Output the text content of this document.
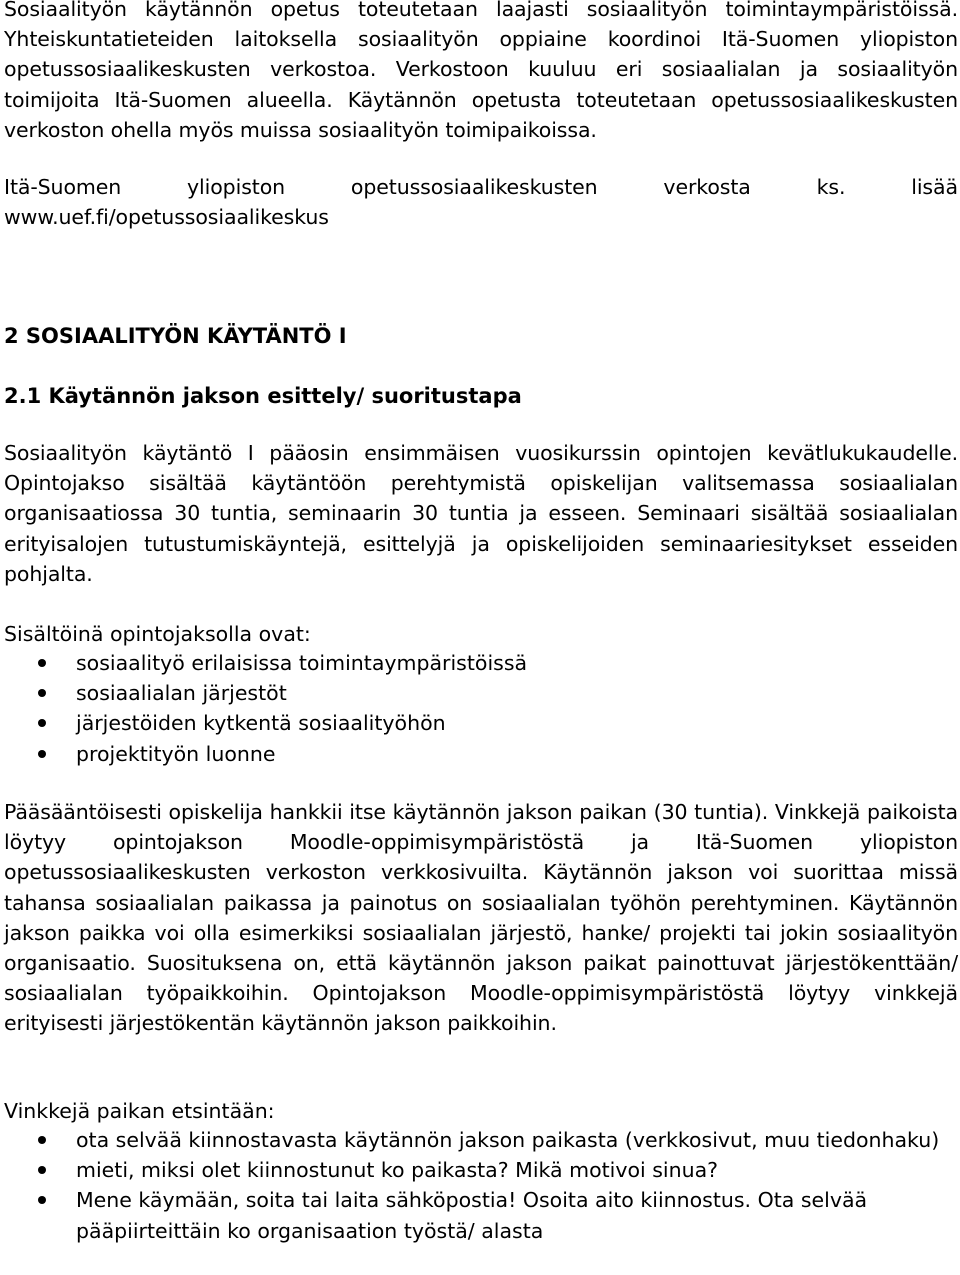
Sosiaalityön käytännön opetus toteutetaan laajasti sosiaalityön toimintaympäristöissä. Yhteiskuntatieteiden laitoksella sosiaalityön oppiaine koordinoi Itä-Suomen yliopiston opetussosiaalikeskusten verkostoa. Verkostoon kuuluu eri sosiaalialan ja sosiaalityön toimijoita Itä-Suomen alueella. Käytännön opetusta toteutetaan opetussosiaalikeskusten verkoston ohella myös muissa sosiaalityön toimipaikoissa.

Itä-Suomen	yliopiston	opetussosiaalikeskusten	verkosta	ks.	lisää
www.uef.fi/opetussosiaalikeskus
2 SOSIAALITYÖN KÄYTÄNTÖ I
2.1 Käytännön jakson esittely/ suoritustapa

Sosiaalityön käytäntö I pääosin ensimmäisen vuosikurssin opintojen kevätlukukaudelle. Opintojakso sisältää käytäntöön perehtymistä opiskelijan valitsemassa sosiaalialan organisaatiossa 30 tuntia, seminaarin 30 tuntia ja esseen. Seminaari sisältää sosiaalialan erityisalojen tutustumiskäyntejä, esittelyjä ja opiskelijoiden seminaariesitykset esseiden pohjalta.

Sisältöinä opintojaksolla ovat:

sosiaalityö erilaisissa toimintaympäristöissä
sosiaalialan järjestöt
järjestöiden kytkentä sosiaalityöhön
projektityön luonne

Pääsääntöisesti opiskelija hankkii itse käytännön jakson paikan (30 tuntia). Vinkkejä paikoista löytyy opintojakson Moodle-oppimisympäristöstä ja Itä-Suomen yliopiston opetussosiaalikeskusten verkoston verkkosivuilta. Käytännön jakson voi suorittaa missä tahansa sosiaalialan paikassa ja painotus on sosiaalialan työhön perehtyminen. Käytännön jakson paikka voi olla esimerkiksi sosiaalialan järjestö, hanke/ projekti tai jokin sosiaalityön organisaatio. Suosituksena on, että käytännön jakson paikat painottuvat järjestökenttään/ sosiaalialan työpaikkoihin. Opintojakson Moodle-oppimisympäristöstä löytyy vinkkejä erityisesti järjestökentän käytännön jakson paikkoihin.

Vinkkejä paikan etsintään:

ota selvää kiinnostavasta käytännön jakson paikasta (verkkosivut, muu tiedonhaku)
mieti, miksi olet kiinnostunut ko paikasta? Mikä motivoi sinua?
Mene käymään, soita tai laita sähköpostia! Osoita aito kiinnostus. Ota selvää pääpiirteittäin ko organisaation työstä/ alasta
